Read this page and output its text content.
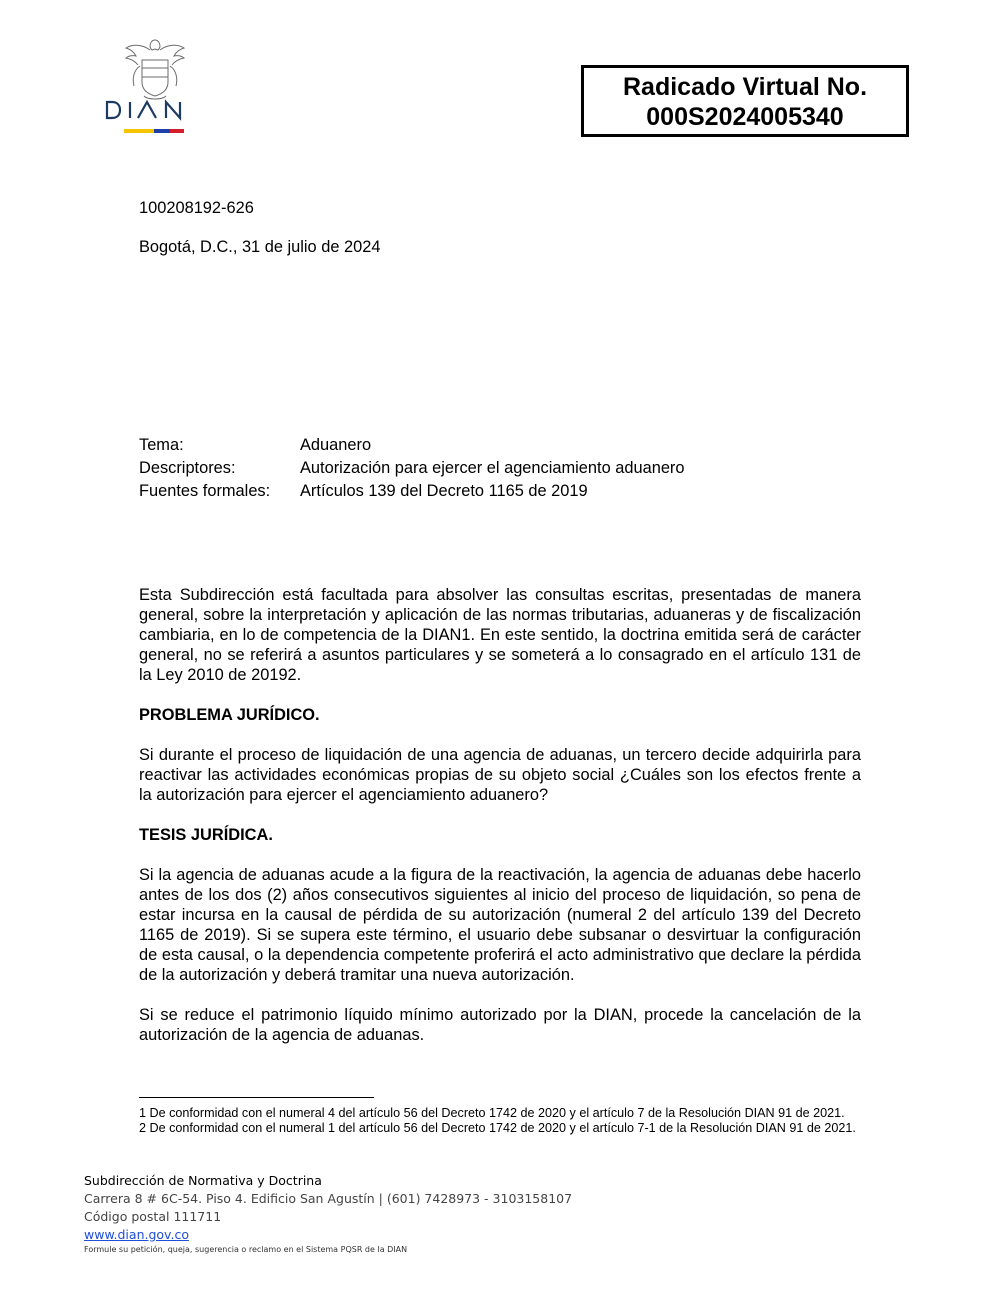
Radicado Virtual No.
000S2024005340
100208192-626
Bogotá, D.C., 31 de julio de 2024
Tema:	Aduanero
Descriptores:	Autorización para ejercer el agenciamiento aduanero
Fuentes formales:	Artículos 139 del Decreto 1165 de 2019

Esta Subdirección está facultada para absolver las consultas escritas, presentadas de manera general, sobre la interpretación y aplicación de las normas tributarias, aduaneras y de fiscalización cambiaria, en lo de competencia de la DIAN1. En este sentido, la doctrina emitida será de carácter general, no se referirá a asuntos particulares y se someterá a lo consagrado en el artículo 131 de la Ley 2010 de 20192.

PROBLEMA JURÍDICO.

Si durante el proceso de liquidación de una agencia de aduanas, un tercero decide adquirirla para reactivar las actividades económicas propias de su objeto social ¿Cuáles son los efectos frente a la autorización para ejercer el agenciamiento aduanero?

TESIS JURÍDICA.

Si la agencia de aduanas acude a la figura de la reactivación, la agencia de aduanas debe hacerlo antes de los dos (2) años consecutivos siguientes al inicio del proceso de liquidación, so pena de estar incursa en la causal de pérdida de su autorización (numeral 2 del artículo 139 del Decreto 1165 de 2019). Si se supera este término, el usuario debe subsanar o desvirtuar la configuración de esta causal, o la dependencia competente proferirá el acto administrativo que declare la pérdida de la autorización y deberá tramitar una nueva autorización.

Si se reduce el patrimonio líquido mínimo autorizado por la DIAN, procede la cancelación de la autorización de la agencia de aduanas.

1 De conformidad con el numeral 4 del artículo 56 del Decreto 1742 de 2020 y el artículo 7 de la Resolución DIAN 91 de 2021.

2 De conformidad con el numeral 1 del artículo 56 del Decreto 1742 de 2020 y el artículo 7-1 de la Resolución DIAN 91 de 2021.

Subdirección de Normativa y Doctrina
Carrera 8 # 6C-54. Piso 4. Edificio San Agustín | (601) 7428973 - 3103158107
Código postal 111711
www.dian.gov.co
Formule su petición, queja, sugerencia o reclamo en el Sistema PQSR de la DIAN
